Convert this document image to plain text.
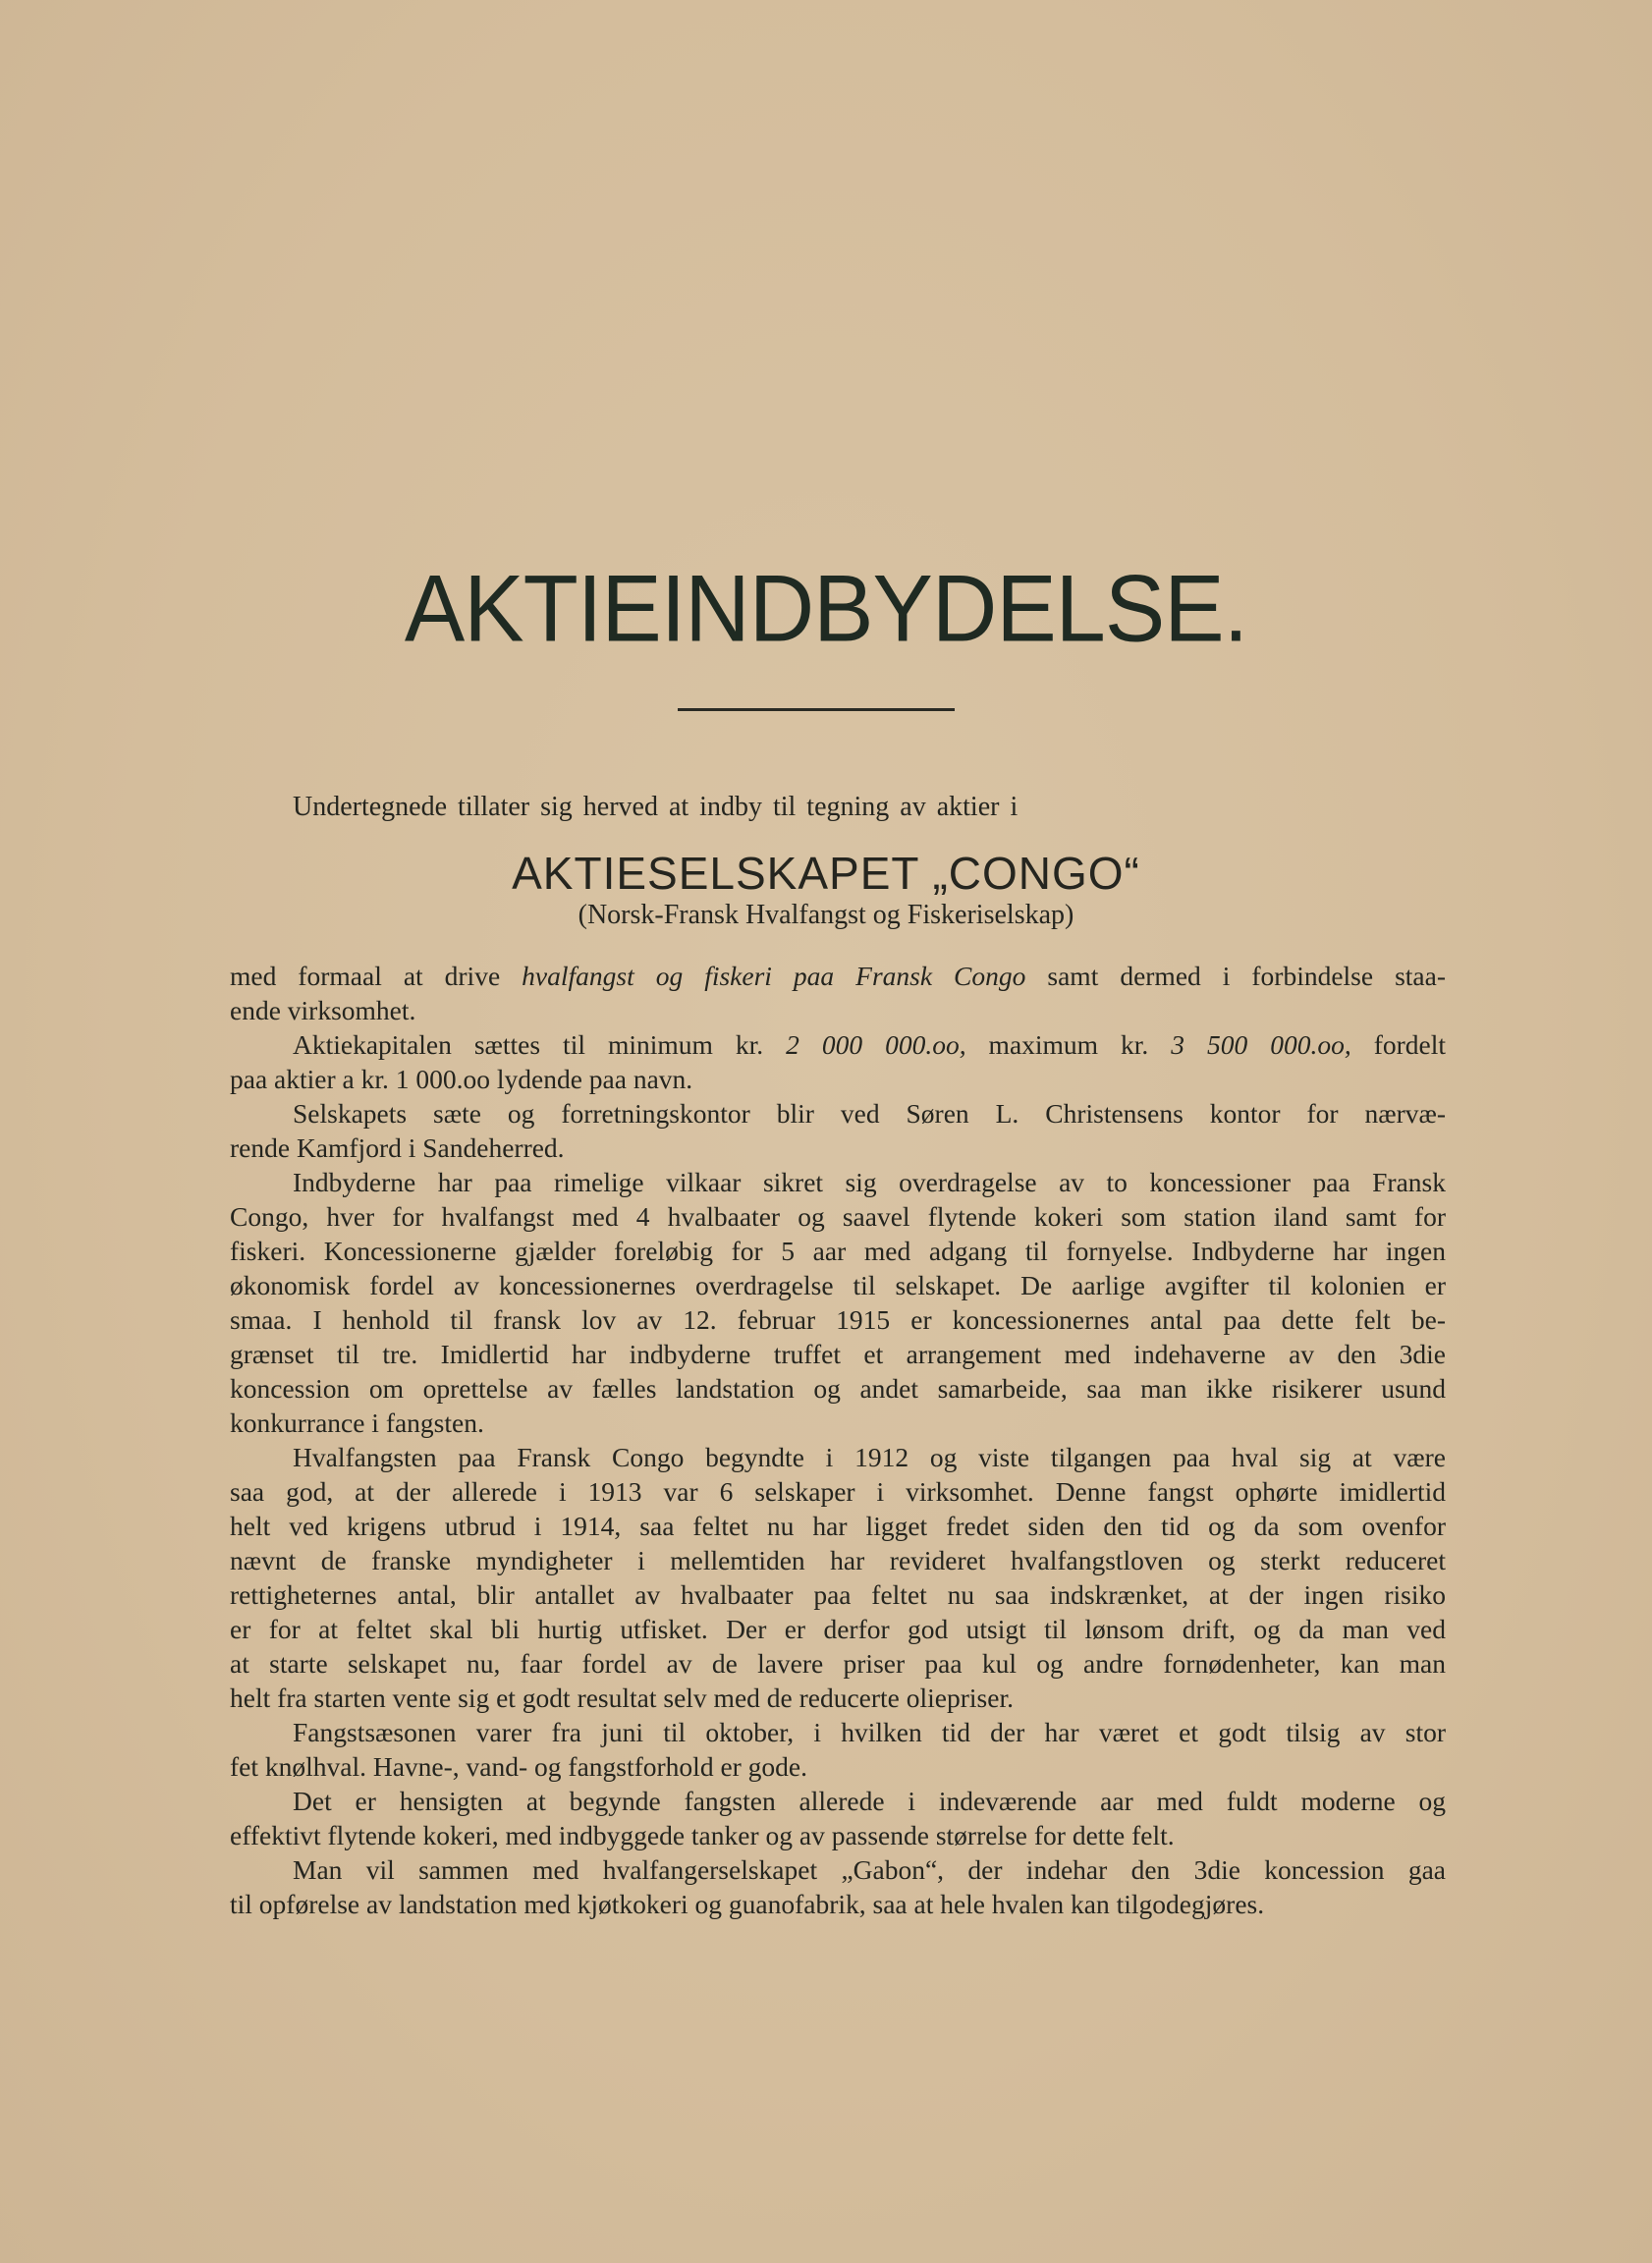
AKTIEINDBYDELSE.
Undertegnede tillater sig herved at indby til tegning av aktier i
AKTIESELSKAPET „CONGO“
(Norsk-Fransk Hvalfangst og Fiskeriselskap)
med formaal at drive hvalfangst og fiskeri paa Fransk Congo samt dermed i forbindelse staa-
ende virksomhet.
Aktiekapitalen sættes til minimum kr. 2 000 000.oo, maximum kr. 3 500 000.oo, fordelt
paa aktier a kr. 1 000.oo lydende paa navn.
Selskapets sæte og forretningskontor blir ved Søren L. Christensens kontor for nærvæ-
rende Kamfjord i Sandeherred.
Indbyderne har paa rimelige vilkaar sikret sig overdragelse av to koncessioner paa Fransk
Congo, hver for hvalfangst med 4 hvalbaater og saavel flytende kokeri som station iland samt for
fiskeri. Koncessionerne gjælder foreløbig for 5 aar med adgang til fornyelse. Indbyderne har ingen
økonomisk fordel av koncessionernes overdragelse til selskapet. De aarlige avgifter til kolonien er
smaa. I henhold til fransk lov av 12. februar 1915 er koncessionernes antal paa dette felt be-
grænset til tre. Imidlertid har indbyderne truffet et arrangement med indehaverne av den 3die
koncession om oprettelse av fælles landstation og andet samarbeide, saa man ikke risikerer usund
konkurrance i fangsten.
Hvalfangsten paa Fransk Congo begyndte i 1912 og viste tilgangen paa hval sig at være
saa god, at der allerede i 1913 var 6 selskaper i virksomhet. Denne fangst ophørte imidlertid
helt ved krigens utbrud i 1914, saa feltet nu har ligget fredet siden den tid og da som ovenfor
nævnt de franske myndigheter i mellemtiden har revideret hvalfangstloven og sterkt reduceret
rettigheternes antal, blir antallet av hvalbaater paa feltet nu saa indskrænket, at der ingen risiko
er for at feltet skal bli hurtig utfisket. Der er derfor god utsigt til lønsom drift, og da man ved
at starte selskapet nu, faar fordel av de lavere priser paa kul og andre fornødenheter, kan man
helt fra starten vente sig et godt resultat selv med de reducerte oliepriser.
Fangstsæsonen varer fra juni til oktober, i hvilken tid der har været et godt tilsig av stor
fet knølhval. Havne-, vand- og fangstforhold er gode.
Det er hensigten at begynde fangsten allerede i indeværende aar med fuldt moderne og
effektivt flytende kokeri, med indbyggede tanker og av passende størrelse for dette felt.
Man vil sammen med hvalfangerselskapet „Gabon“, der indehar den 3die koncession gaa
til opførelse av landstation med kjøtkokeri og guanofabrik, saa at hele hvalen kan tilgodegjøres.
